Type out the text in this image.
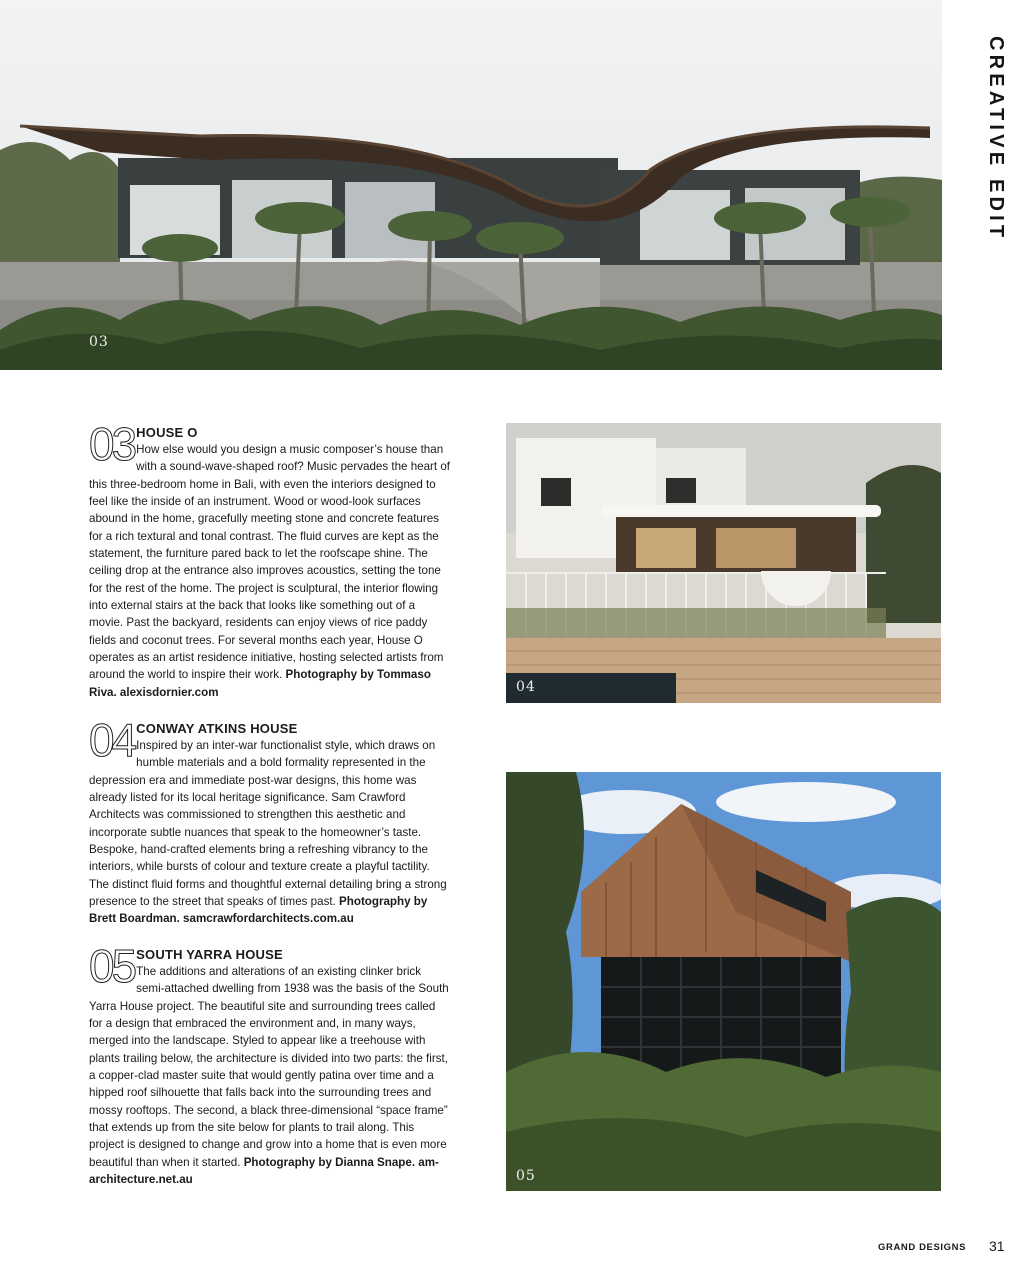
03
CREATIVE EDIT

03 HOUSE O
How else would you design a music composer’s house than with a sound-wave-shaped roof? Music pervades the heart of this three-bedroom home in Bali, with even the interiors designed to feel like the inside of an instrument. Wood or wood-look surfaces abound in the home, gracefully meeting stone and concrete features for a rich textural and tonal contrast. The fluid curves are kept as the statement, the furniture pared back to let the roofscape shine. The ceiling drop at the entrance also improves acoustics, setting the tone for the rest of the home. The project is sculptural, the interior flowing into external stairs at the back that looks like something out of a movie. Past the backyard, residents can enjoy views of rice paddy fields and coconut trees. For several months each year, House O operates as an artist residence initiative, hosting selected artists from around the world to inspire their work. Photography by Tommaso Riva. alexisdornier.com

04 CONWAY ATKINS HOUSE
Inspired by an inter-war functionalist style, which draws on humble materials and a bold formality represented in the depression era and immediate post-war designs, this home was already listed for its local heritage significance. Sam Crawford Architects was commissioned to strengthen this aesthetic and incorporate subtle nuances that speak to the homeowner’s taste. Bespoke, hand-crafted elements bring a refreshing vibrancy to the interiors, while bursts of colour and texture create a playful tactility. The distinct fluid forms and thoughtful external detailing bring a strong presence to the street that speaks of times past. Photography by Brett Boardman. samcrawfordarchitects.com.au

05 SOUTH YARRA HOUSE
The additions and alterations of an existing clinker brick semi-attached dwelling from 1938 was the basis of the South Yarra House project. The beautiful site and surrounding trees called for a design that embraced the environment and, in many ways, merged into the landscape. Styled to appear like a treehouse with plants trailing below, the architecture is divided into two parts: the first, a copper-clad master suite that would gently patina over time and a hipped roof silhouette that falls back into the surrounding trees and mossy rooftops. The second, a black three-dimensional “space frame” that extends up from the site below for plants to trail along. This project is designed to change and grow into a home that is even more beautiful than when it started. Photography by Dianna Snape. am-architecture.net.au

04
05
GRAND DESIGNS 31
